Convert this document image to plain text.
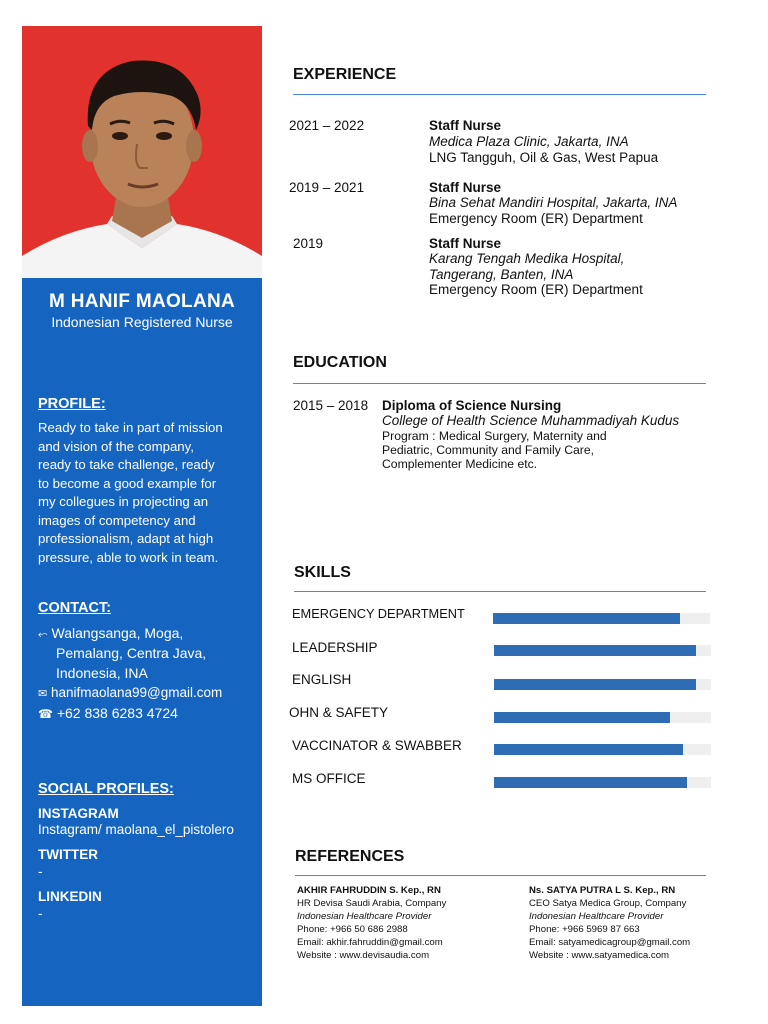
M HANIF MAOLANA
Indonesian Registered Nurse
PROFILE:
Ready to take in part of mission
and vision of the company,
ready to take challenge, ready
to become a good example for
my collegues in projecting an
images of competency and
professionalism, adapt at high
pressure, able to work in team.
CONTACT:
⬿ Walangsanga, Moga,
Pemalang, Centra Java,
Indonesia, INA
✉ hanifmaolana99@gmail.com
☎ +62 838 6283 4724
SOCIAL PROFILES:
INSTAGRAM
Instagram/ maolana_el_pistolero
TWITTER
-
LINKEDIN
-
EXPERIENCE
2021 – 2022	Staff Nurse
Medica Plaza Clinic, Jakarta, INA
LNG Tangguh, Oil & Gas, West Papua
2019 – 2021	Staff Nurse
Bina Sehat Mandiri Hospital, Jakarta, INA
Emergency Room (ER) Department
2019	Staff Nurse
Karang Tengah Medika Hospital,
Tangerang, Banten, INA
Emergency Room (ER) Department
EDUCATION
2015 – 2018 Diploma of Science Nursing
College of Health Science Muhammadiyah Kudus
Program : Medical Surgery, Maternity and
Pediatric, Community and Family Care,
Complementer Medicine etc.
SKILLS
EMERGENCY DEPARTMENT
LEADERSHIP
ENGLISH
OHN & SAFETY
VACCINATOR & SWABBER
MS OFFICE
REFERENCES
AKHIR FAHRUDDIN S. Kep., RN
HR Devisa Saudi Arabia, Company
Indonesian Healthcare Provider
Phone: +966 50 686 2988
Email: akhir.fahruddin@gmail.com
Website : www.devisaudia.com
Ns. SATYA PUTRA L S. Kep., RN
CEO Satya Medica Group, Company
Indonesian Healthcare Provider
Phone: +966 5969 87 663
Email: satyamedicagroup@gmail.com
Website : www.satyamedica.com
